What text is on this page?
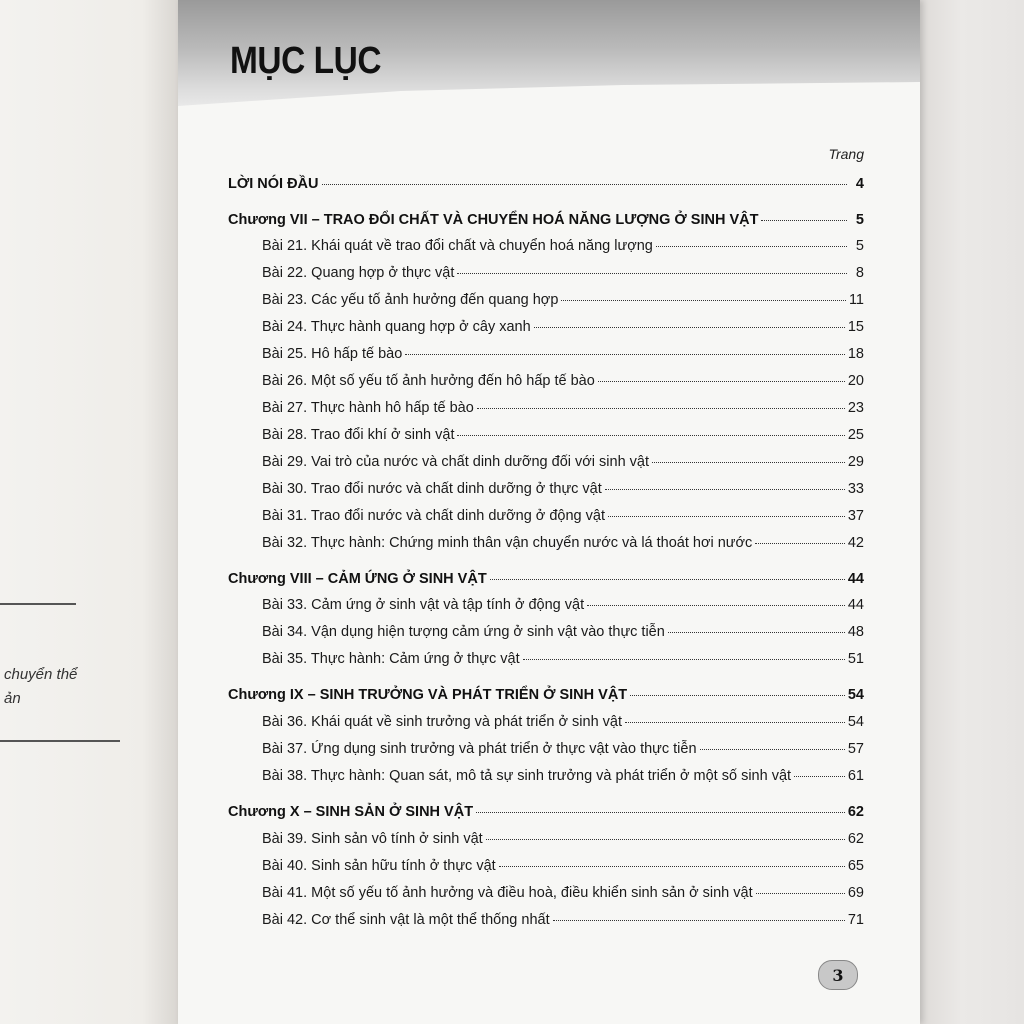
chuyển thể
ản
MỤC LỤC
Trang
LỜI NÓI ĐẦU	4
Chương VII – TRAO ĐỔI CHẤT VÀ CHUYỂN HOÁ NĂNG LƯỢNG Ở SINH VẬT	5
Bài 21. Khái quát về trao đổi chất và chuyển hoá năng lượng	5
Bài 22. Quang hợp ở thực vật	8
Bài 23. Các yếu tố ảnh hưởng đến quang hợp	11
Bài 24. Thực hành quang hợp ở cây xanh	15
Bài 25. Hô hấp tế bào	18
Bài 26. Một số yếu tố ảnh hưởng đến hô hấp tế bào	20
Bài 27. Thực hành hô hấp tế bào	23
Bài 28. Trao đổi khí ở sinh vật	25
Bài 29. Vai trò của nước và chất dinh dưỡng đối với sinh vật	29
Bài 30. Trao đổi nước và chất dinh dưỡng ở thực vật	33
Bài 31. Trao đổi nước và chất dinh dưỡng ở động vật	37
Bài 32. Thực hành: Chứng minh thân vận chuyển nước và lá thoát hơi nước	42
Chương VIII – CẢM ỨNG Ở SINH VẬT	44
Bài 33. Cảm ứng ở sinh vật và tập tính ở động vật	44
Bài 34. Vận dụng hiện tượng cảm ứng ở sinh vật vào thực tiễn	48
Bài 35. Thực hành: Cảm ứng ở thực vật	51
Chương IX – SINH TRƯỞNG VÀ PHÁT TRIỂN Ở SINH VẬT	54
Bài 36. Khái quát về sinh trưởng và phát triển ở sinh vật	54
Bài 37. Ứng dụng sinh trưởng và phát triển ở thực vật vào thực tiễn	57
Bài 38. Thực hành: Quan sát, mô tả sự sinh trưởng và phát triển ở một số sinh vật	61
Chương X – SINH SẢN Ở SINH VẬT	62
Bài 39. Sinh sản vô tính ở sinh vật	62
Bài 40. Sinh sản hữu tính ở thực vật	65
Bài 41. Một số yếu tố ảnh hưởng và điều hoà, điều khiển sinh sản ở sinh vật	69
Bài 42. Cơ thể sinh vật là một thể thống nhất	71
3
